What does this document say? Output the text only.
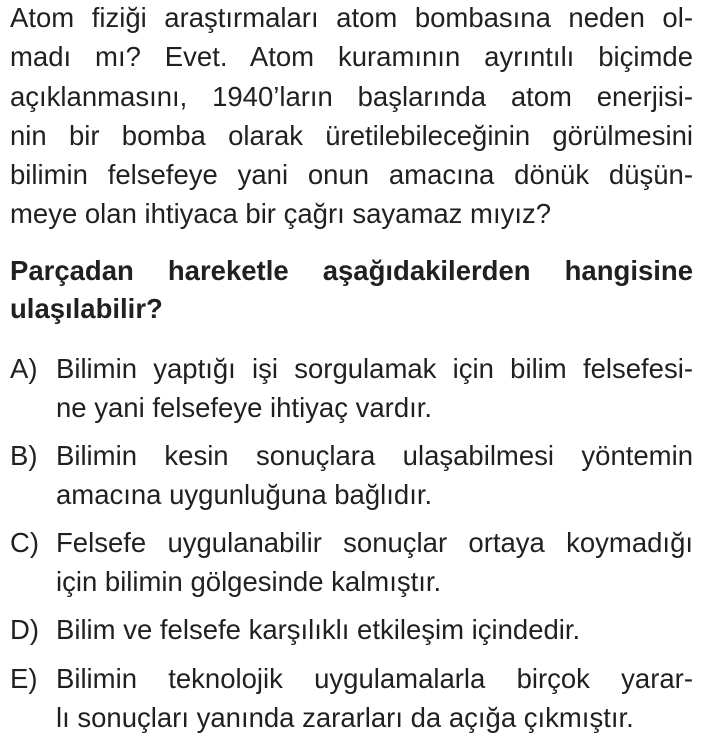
Atom fiziği araştırmaları atom bombasına neden ol-
madı mı? Evet. Atom kuramının ayrıntılı biçimde
açıklanmasını, 1940’ların başlarında atom enerjisi-
nin bir bomba olarak üretilebileceğinin görülmesini
bilimin felsefeye yani onun amacına dönük düşün-
meye olan ihtiyaca bir çağrı sayamaz mıyız?
Parçadan hareketle aşağıdakilerden hangisine
ulaşılabilir?
A) Bilimin yaptığı işi sorgulamak için bilim felsefesi-
ne yani felsefeye ihtiyaç vardır.
B) Bilimin kesin sonuçlara ulaşabilmesi yöntemin
amacına uygunluğuna bağlıdır.
C) Felsefe uygulanabilir sonuçlar ortaya koymadığı
için bilimin gölgesinde kalmıştır.
D) Bilim ve felsefe karşılıklı etkileşim içindedir.
E) Bilimin teknolojik uygulamalarla birçok yarar-
lı sonuçları yanında zararları da açığa çıkmıştır.
